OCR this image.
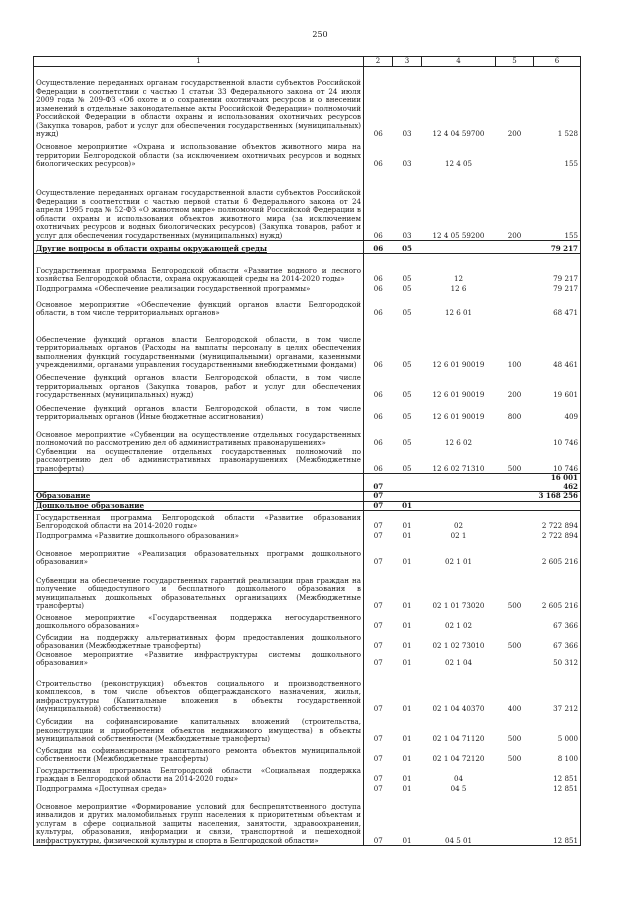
250
1	2	3	4	5	6
Осуществление переданных органам государственной власти субъектов Российской Федерации в соответствии с частью 1 статьи 33 Федерального закона от 24 июля 2009 года № 209-ФЗ «Об охоте и о сохранении охотничьих ресурсов и о внесении изменений в отдельные законодательные акты Российской Федерации» полномочий Российской Федерации в области охраны и использования охотничьих ресурсов (Закупка товаров, работ и услуг для обеспечения государственных (муниципальных) нужд)	06	03	12 4 04 59700	200	1 528
Основное мероприятие «Охрана и использование объектов животного мира на территории Белгородской области (за исключением охотничьих ресурсов и водных биологических ресурсов)»	06	03	12 4 05		155
Осуществление переданных органам государственной власти субъектов Российской Федерации в соответствии с частью первой статьи 6 Федерального закона от 24 апреля 1995 года № 52-ФЗ «О животном мире» полномочий Российской Федерации в области охраны и использования объектов животного мира (за исключением охотничьих ресурсов и водных биологических ресурсов) (Закупка товаров, работ и услуг для обеспечения государственных (муниципальных) нужд)	06	03	12 4 05 59200	200	155
Другие вопросы в области охраны окружающей среды	06	05			79 217
Государственная программа Белгородской области «Развитие водного и лесного хозяйства Белгородской области, охрана окружающей среды на 2014-2020 годы»	06	05	12		79 217
Подпрограмма «Обеспечение реализации государственной программы»	06	05	12 6		79 217
Основное мероприятие «Обеспечение функций органов власти Белгородской области, в том числе территориальных органов»	06	05	12 6 01		68 471
Обеспечение функций органов власти Белгородской области, в том числе территориальных органов (Расходы на выплаты персоналу в целях обеспечения выполнения функций государственными (муниципальными) органами, казенными учреждениями, органами управления государственными внебюджетными фондами)	06	05	12 6 01 90019	100	48 461
Обеспечение функций органов власти Белгородской области, в том числе территориальных органов (Закупка товаров, работ и услуг для обеспечения государственных (муниципальных) нужд)	06	05	12 6 01 90019	200	19 601
Обеспечение функций органов власти Белгородской области, в том числе территориальных органов (Иные бюджетные ассигнования)	06	05	12 6 01 90019	800	409
Основное мероприятие «Субвенции на осуществление отдельных государственных полномочий по рассмотрению дел об административных правонарушениях»	06	05	12 6 02		10 746
Субвенции на осуществление отдельных государственных полномочий по рассмотрению дел об административных правонарушениях (Межбюджетные трансферты)	06	05	12 6 02 71310	500	10 746
	07				16 001 462
Образование	07				3 168 256
Дошкольное образование	07	01			
Государственная программа Белгородской области «Развитие образования Белгородской области на 2014-2020 годы»	07	01	02		2 722 894
Подпрограмма «Развитие дошкольного образования»	07	01	02 1		2 722 894
Основное мероприятие «Реализация образовательных программ дошкольного образования»	07	01	02 1 01		2 605 216
Субвенции на обеспечение государственных гарантий реализации прав граждан на получение общедоступного и бесплатного дошкольного образования в муниципальных дошкольных образовательных организациях (Межбюджетные трансферты)	07	01	02 1 01 73020	500	2 605 216
Основное мероприятие «Государственная поддержка негосударственного дошкольного образования»	07	01	02 1 02		67 366
Субсидии на поддержку альтернативных форм предоставления дошкольного образования (Межбюджетные трансферты)	07	01	02 1 02 73010	500	67 366
Основное мероприятие «Развитие инфраструктуры системы дошкольного образования»	07	01	02 1 04		50 312
Строительство (реконструкция) объектов социального и производственного комплексов, в том числе объектов общегражданского назначения, жилья, инфраструктуры (Капитальные вложения в объекты государственной (муниципальной) собственности)	07	01	02 1 04 40370	400	37 212
Субсидии на софинансирование капитальных вложений (строительства, реконструкции и приобретения объектов недвижимого имущества) в объекты муниципальной собственности (Межбюджетные трансферты)	07	01	02 1 04 71120	500	5 000
Субсидии на софинансирование капитального ремонта объектов муниципальной собственности (Межбюджетные трансферты)	07	01	02 1 04 72120	500	8 100
Государственная программа Белгородской области «Социальная поддержка граждан в Белгородской области на 2014-2020 годы»	07	01	04		12 851
Подпрограмма «Доступная среда»	07	01	04 5		12 851
Основное мероприятие «Формирование условий для беспрепятственного доступа инвалидов и других маломобильных групп населения к приоритетным объектам и услугам в сфере социальной защиты населения, занятости, здравоохранения, культуры, образования, информации и связи, транспортной и пешеходной инфраструктуры, физической культуры и спорта в Белгородской области»	07	01	04 5 01		12 851
